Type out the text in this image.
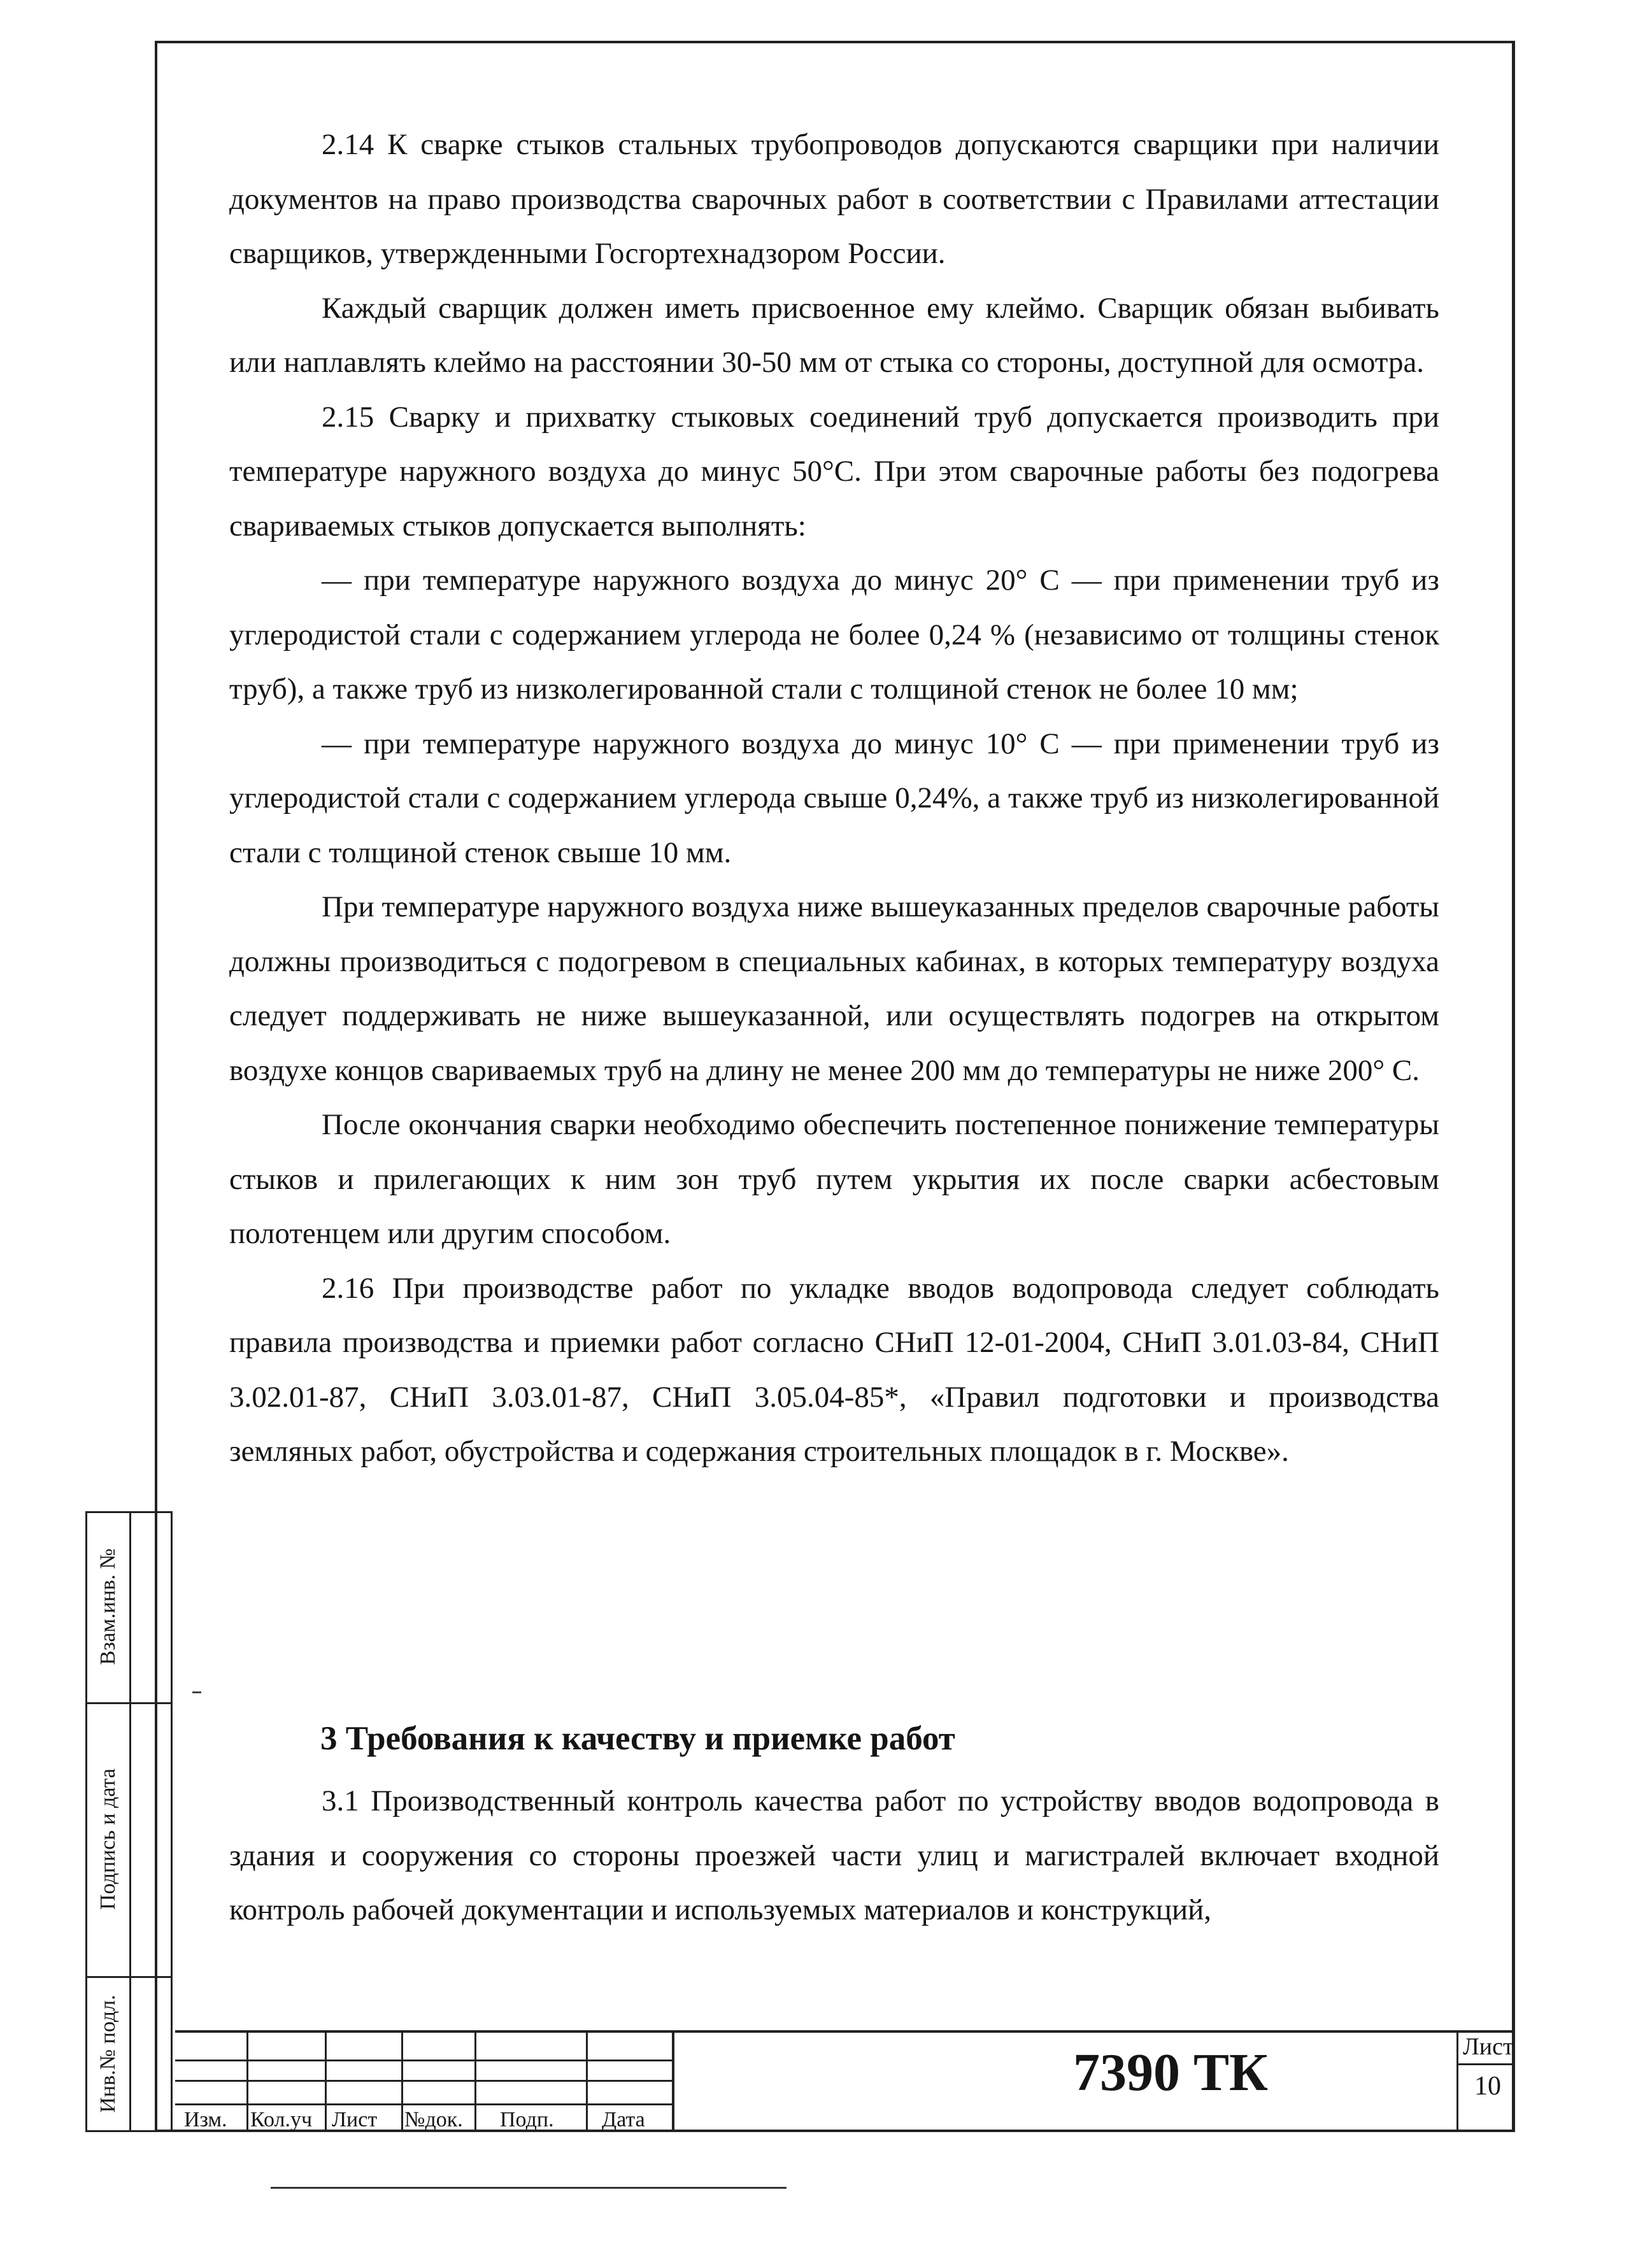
2.14 К сварке стыков стальных трубопроводов допускаются сварщики при наличии документов на право производства сварочных работ в соответствии с Правилами аттестации сварщиков, утвержденными Госгортехнадзором России.

Каждый сварщик должен иметь присвоенное ему клеймо. Сварщик обязан выбивать или наплавлять клеймо на расстоянии 30-50 мм от стыка со стороны, доступной для осмотра.

2.15 Сварку и прихватку стыковых соединений труб допускается производить при температуре наружного воздуха до минус 50°С. При этом сварочные работы без подогрева свариваемых стыков допускается выполнять:

— при температуре наружного воздуха до минус 20° С — при применении труб из углеродистой стали с содержанием углерода не более 0,24 % (независимо от толщины стенок труб), а также труб из низколегированной стали с толщиной стенок не более 10 мм;

— при температуре наружного воздуха до минус 10° С — при применении труб из углеродистой стали с содержанием углерода свыше 0,24%, а также труб из низколегированной стали с толщиной стенок свыше 10 мм.

При температуре наружного воздуха ниже вышеуказанных пределов сварочные работы должны производиться с подогревом в специальных кабинах, в которых температуру воздуха следует поддерживать не ниже вышеуказанной, или осуществлять подогрев на открытом воздухе концов свариваемых труб на длину не менее 200 мм до температуры не ниже 200° С.

После окончания сварки необходимо обеспечить постепенное понижение температуры стыков и прилегающих к ним зон труб путем укрытия их после сварки асбестовым полотенцем или другим способом.

2.16 При производстве работ по укладке вводов водопровода следует соблюдать правила производства и приемки работ согласно СНиП 12-01-2004, СНиП 3.01.03-84, СНиП 3.02.01-87, СНиП 3.03.01-87, СНиП 3.05.04-85*, «Правил подготовки и производства земляных работ, обустройства и содержания строительных площадок в г. Москве».

3 Требования к качеству и приемке работ

3.1 Производственный контроль качества работ по устройству вводов водопровода в здания и сооружения со стороны проезжей части улиц и магистралей включает входной контроль рабочей документации и используемых материалов и конструкций,

Взам.инв. №
Подпись и дата
Инв.№ подл.
Изм. Кол.уч Лист №док. Подп. Дата
7390 ТК	Лист
10
